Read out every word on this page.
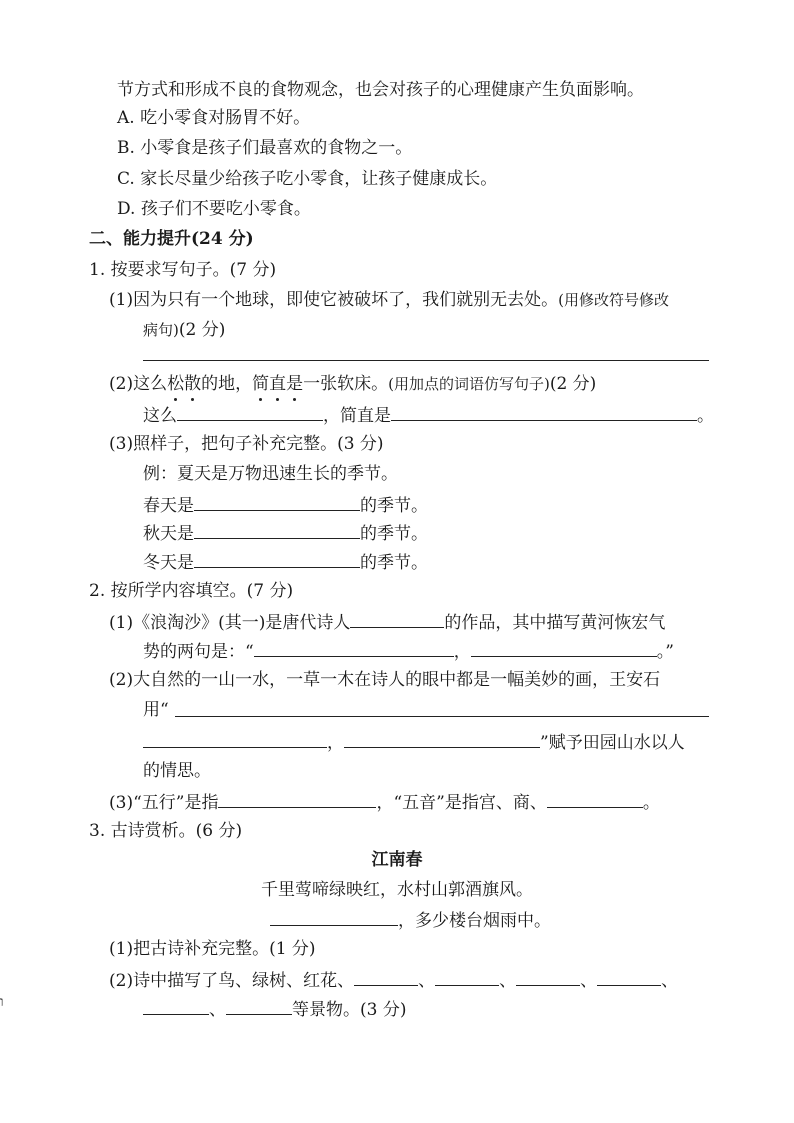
节方式和形成不良的食物观念，也会对孩子的心理健康产生负面影响。
A. 吃小零食对肠胃不好。
B. 小零食是孩子们最喜欢的食物之一。
C. 家长尽量少给孩子吃小零食，让孩子健康成长。
D. 孩子们不要吃小零食。
二、能力提升(24 分)
1. 按要求写句子。(7 分)
(1)因为只有一个地球，即使它被破坏了，我们就别无去处。(用修改符号修改
病句)(2 分)
(2)这么松散的地，简直是一张软床。(用加点的词语仿写句子)(2 分)
这么	，简直是	。
(3)照样子，把句子补充完整。(3 分)
例：夏天是万物迅速生长的季节。
春天是	的季节。
秋天是	的季节。
冬天是	的季节。
2. 按所学内容填空。(7 分)
(1)《浪淘沙》(其一)是唐代诗人	的作品，其中描写黄河恢宏气
势的两句是：“	，	。”
(2)大自然的一山一水，一草一木在诗人的眼中都是一幅美妙的画，王安石
用“
，	”赋予田园山水以人
的情思。
(3)“五行”是指	，“五音”是指宫、商、	。
3. 古诗赏析。(6 分)
江南春
千里莺啼绿映红，水村山郭酒旗风。
，多少楼台烟雨中。
(1)把古诗补充完整。(1 分)
(2)诗中描写了鸟、绿树、红花、	、	、	、	、
、	等景物。(3 分)
ו
